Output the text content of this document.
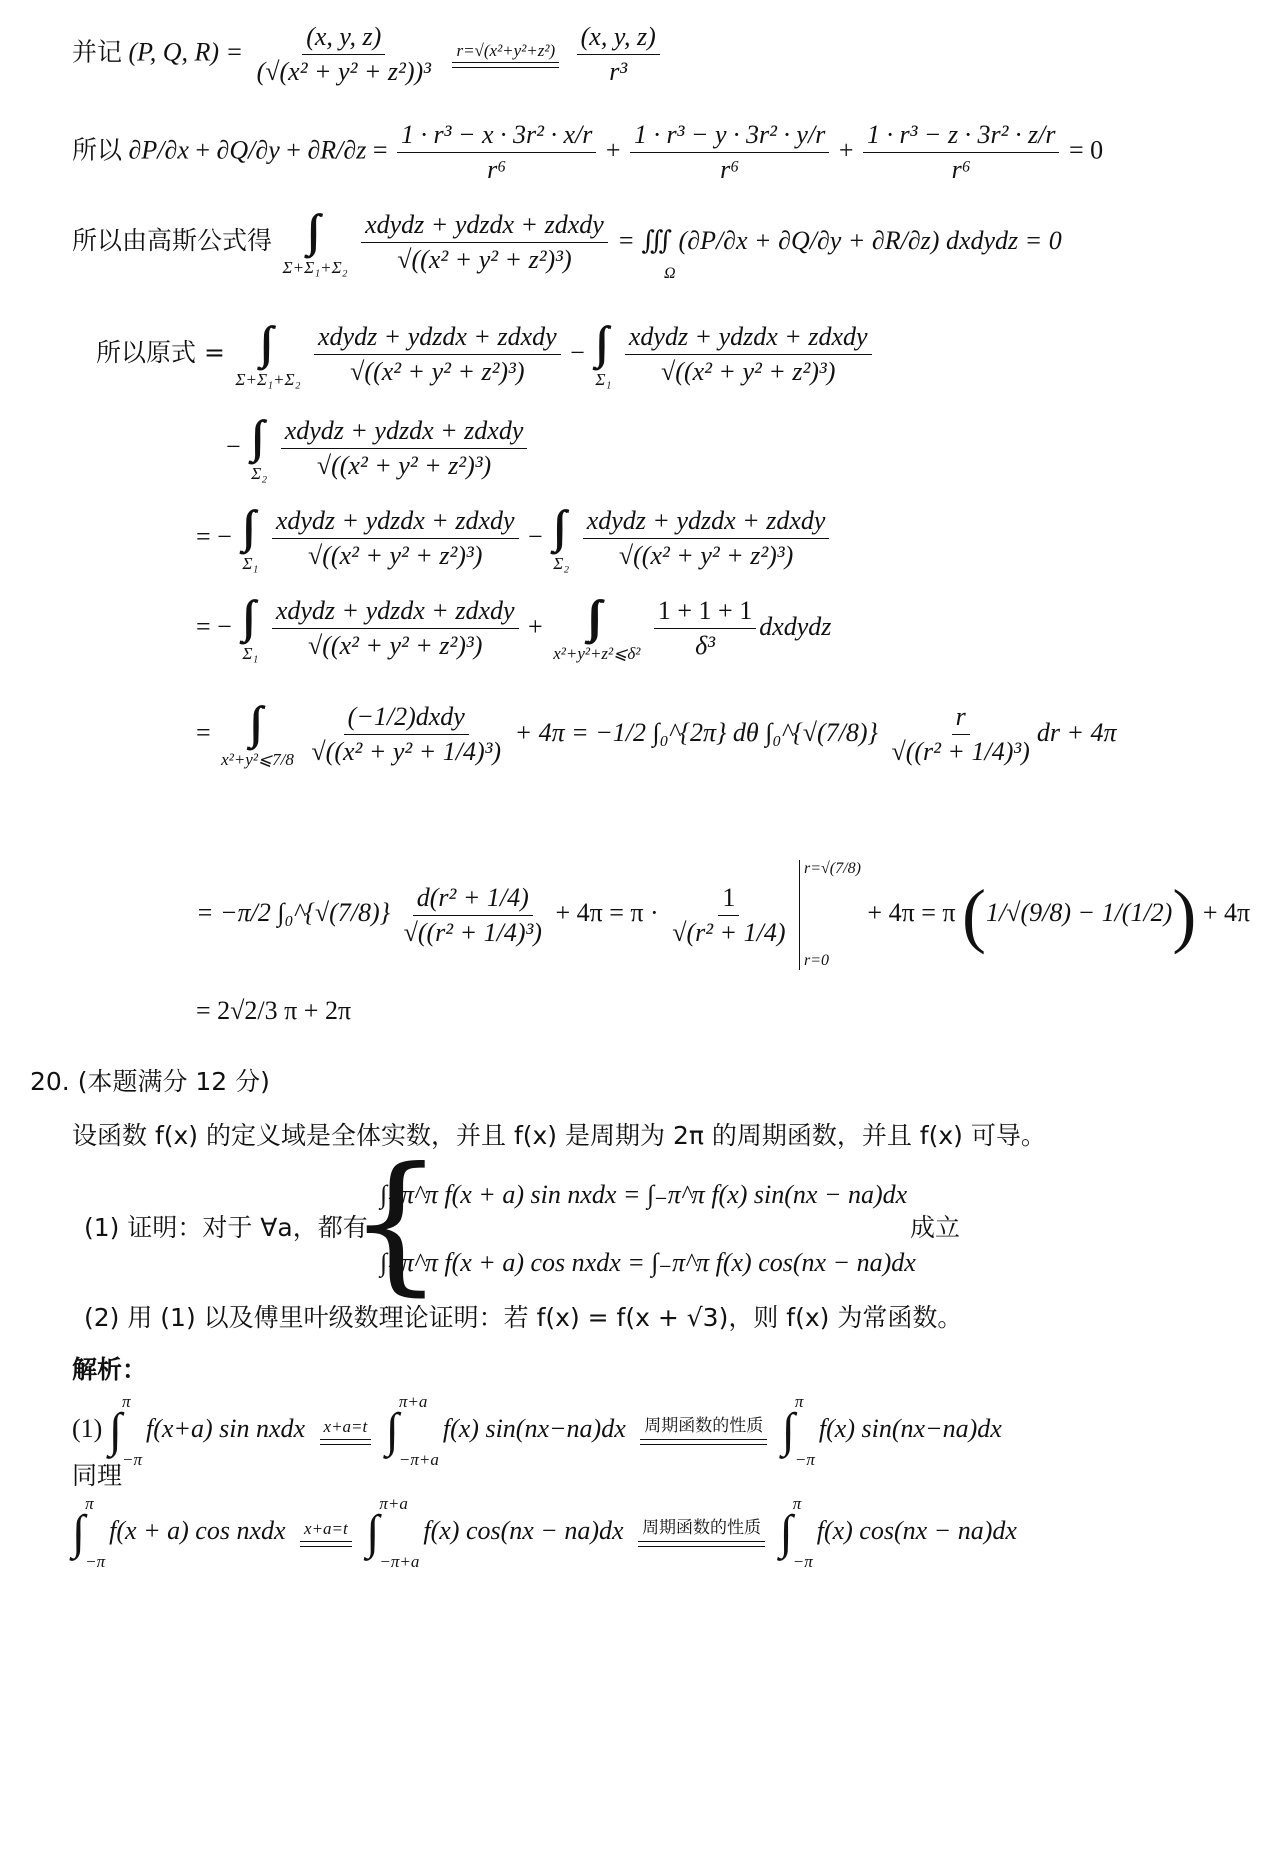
并记 (P, Q, $R) = \frac{(x, y, z)}{\text{(√(x² + y² + z²))³}}$
r=√(x²+y²+z²)
$\frac{(x, y, z)}{\text{r³}}$
所以 $\partial P/\partial x + \partial Q/\partial y + \partial R/\partial z = \frac{\text{1 · r³ − x · 3r² · x/r}}{\text{r⁶}} + \frac{\text{1 · r³ − y · 3r² · y/r}}{\text{r⁶}} + \frac{\text{1 · r³ − z · 3r² · z/r}}{\text{r⁶}} = 0$
所以由高斯公式得
Σ+Σ₁+Σ₂

xdydz + ydzdx + zdxdy
√((x² + y² + z²)³)
= ∭ (∂P/∂x + ∂Q/∂y + ∂R/∂z) dxdydz = 0
Ω
所以原式 =
Σ+Σ₁+Σ₂

xdydz + ydzdx + zdxdy
√((x² + y² + z²)³)
−
Σ₁

xdydz + ydzdx + zdxdy
√((x² + y² + z²)³)
−
Σ₂

xdydz + ydzdx + zdxdy
√((x² + y² + z²)³)
= −
Σ₁

xdydz + ydzdx + zdxdy
√((x² + y² + z²)³)
−
Σ₂

xdydz + ydzdx + zdxdy
√((x² + y² + z²)³)
= −
Σ₁

xdydz + ydzdx + zdxdy
√((x² + y² + z²)³)
+
x²+y²+z²⩽δ²
$\frac{1 + 1 + 1}{\text{δ³}}$ dxdydz
=
x²+y²⩽7/8

(−1/2)dxdy
√((x² + y² + 1/4)³)
+ 4π = −1/2 ∫₀^{2π} dθ ∫₀^{√(7/8)} $\frac{r}{\text{√((r² + 1/4)³)}}$ dr + 4π
= −π/2 ∫₀^{√(7/8)} $\frac{\text{d(r² + 1/4)}}{\text{√((r² + 1/4)³)}} + 4\pi = \pi \cdot \frac{1}{\text{√(r² + 1/4)}}$

r=√(7/8)
r=0
+ 4π = π (1/√(9/8) − 1/(1/2)) + 4π
= 2√2/3 π + 2π
20. (本题满分 12 分)
设函数 f(x) 的定义域是全体实数，并且 f(x) 是周期为 2π 的周期函数，并且 f(x) 可导。
(1) 证明：对于 ∀a，都有
{
∫₋π^π f(x + a) sin nxdx = ∫₋π^π f(x) sin(nx − na)dx
∫₋π^π f(x + a) cos nxdx = ∫₋π^π f(x) cos(nx − na)dx
成立
(2) 用 (1) 以及傅里叶级数理论证明：若 f(x) = f(x + √3)，则 f(x) 为常函数。
解析：
(1) ∫
π
−π
f(x+a) sin nxdx x+a=t ∫
π+a
−π+a
f(x) sin(nx−na)dx 周期函数的性质 ∫
π
−π
f(x) sin(nx−na)dx
同理
∫
π
−π
f(x + a) cos nxdx x+a=t ∫
π+a
−π+a
f(x) cos(nx − na)dx 周期函数的性质 ∫
π
−π
f(x) cos(nx − na)dx
